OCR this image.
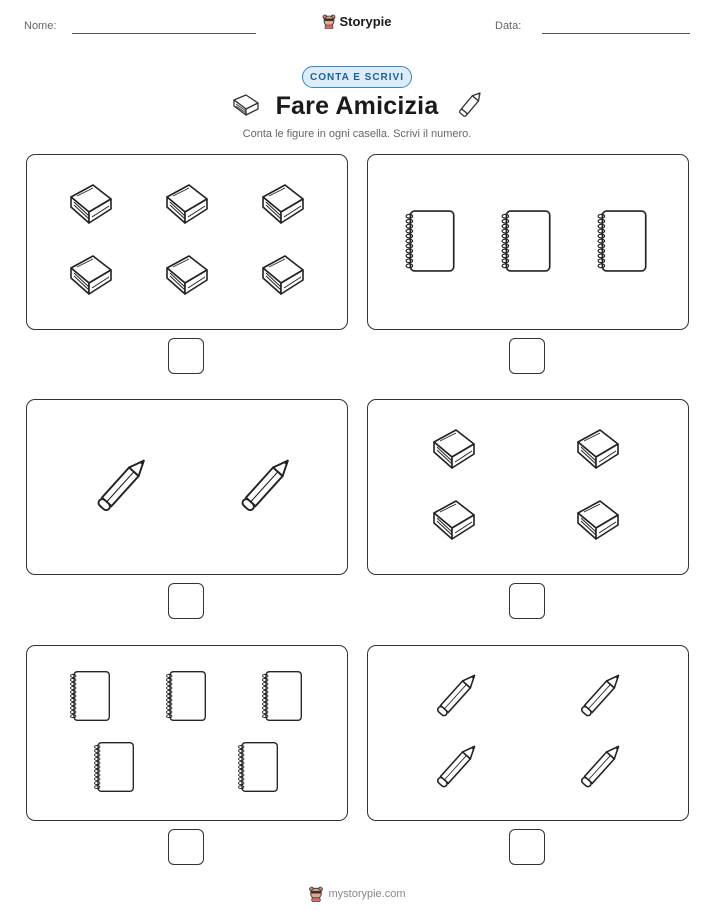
Nome:	Data:
Storypie
CONTA E SCRIVI
Fare Amicizia
Conta le figure in ogni casella. Scrivi il numero.
mystorypie.com
